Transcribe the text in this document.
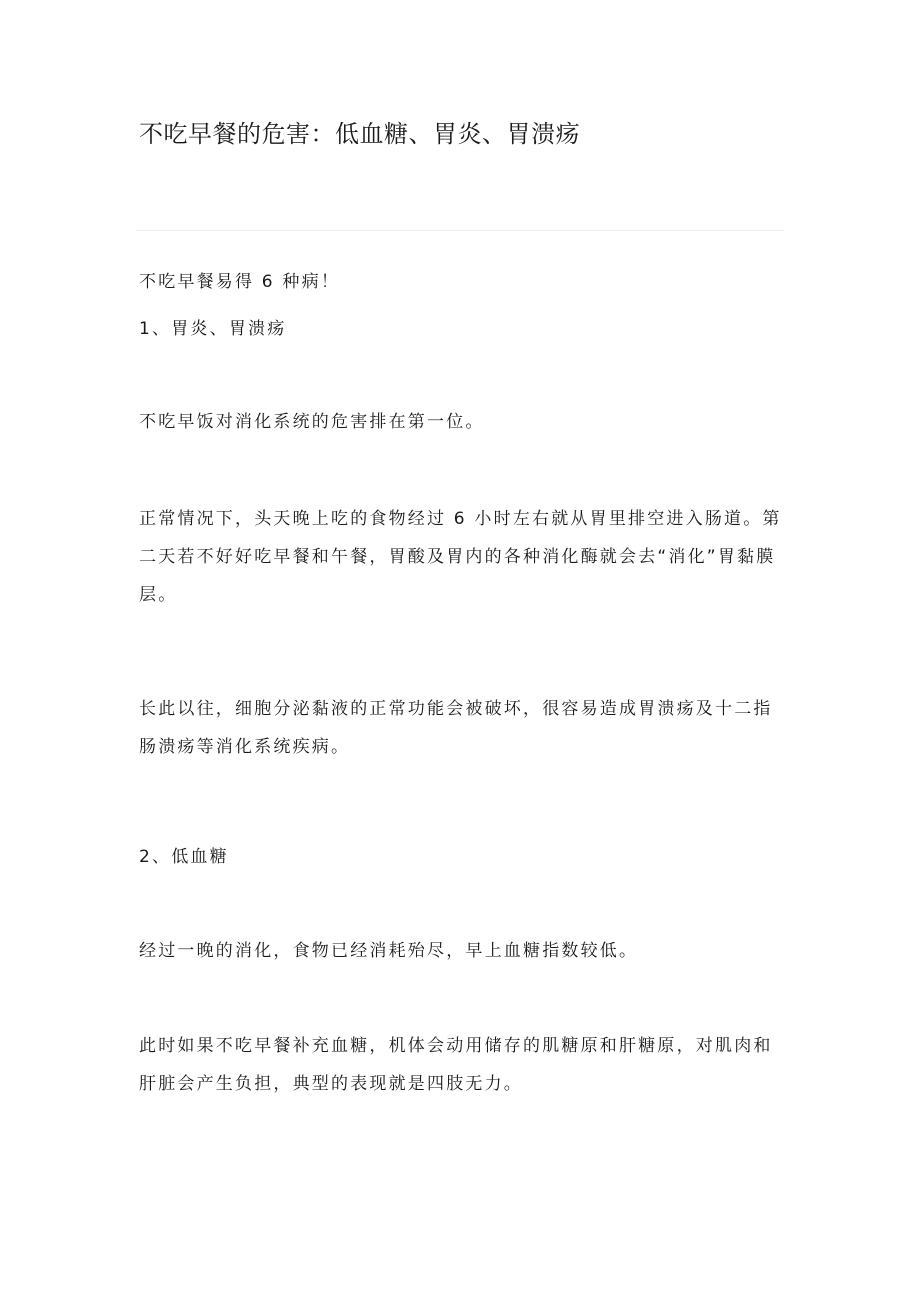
不吃早餐的危害：低血糖、胃炎、胃溃疡

不吃早餐易得 6 种病！

1、胃炎、胃溃疡

不吃早饭对消化系统的危害排在第一位。

正常情况下，头天晚上吃的食物经过 6 小时左右就从胃里排空进入肠道。第二天若不好好吃早餐和午餐，胃酸及胃内的各种消化酶就会去“消化”胃黏膜层。

长此以往，细胞分泌黏液的正常功能会被破坏，很容易造成胃溃疡及十二指肠溃疡等消化系统疾病。

2、低血糖

经过一晚的消化，食物已经消耗殆尽，早上血糖指数较低。

此时如果不吃早餐补充血糖，机体会动用储存的肌糖原和肝糖原，对肌肉和肝脏会产生负担，典型的表现就是四肢无力。
